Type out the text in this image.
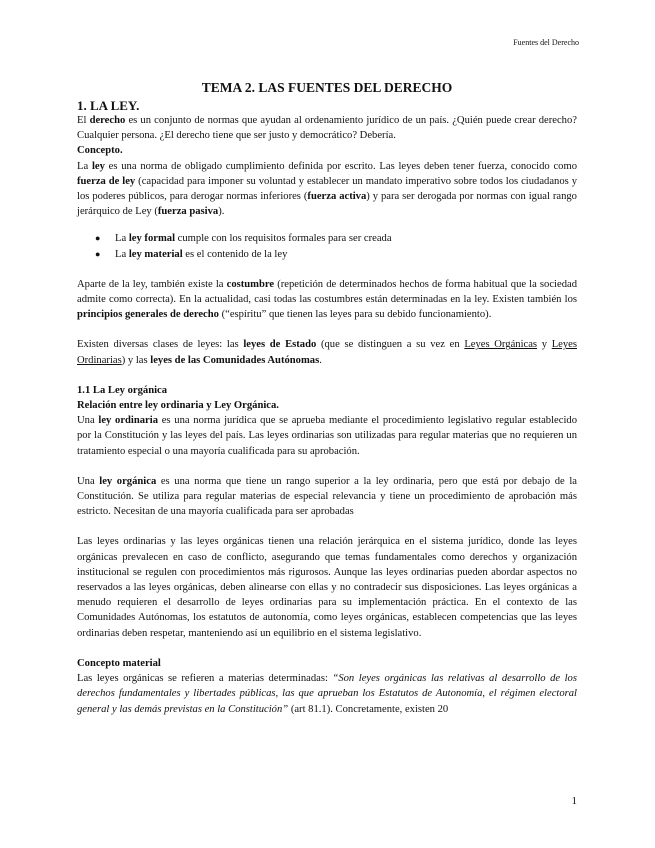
Fuentes del Derecho
TEMA 2. LAS FUENTES DEL DERECHO
1. LA LEY.

El derecho es un conjunto de normas que ayudan al ordenamiento jurídico de un país. ¿Quién puede crear derecho? Cualquier persona. ¿El derecho tiene que ser justo y democrático? Debería.

Concepto.

La ley es una norma de obligado cumplimiento definida por escrito. Las leyes deben tener fuerza, conocido como fuerza de ley (capacidad para imponer su voluntad y establecer un mandato imperativo sobre todos los ciudadanos y los poderes públicos, para derogar normas inferiores (fuerza activa) y para ser derogada por normas con igual rango jerárquico de Ley (fuerza pasiva).

● La ley formal cumple con los requisitos formales para ser creada
● La ley material es el contenido de la ley

Aparte de la ley, también existe la costumbre (repetición de determinados hechos de forma habitual que la sociedad admite como correcta). En la actualidad, casi todas las costumbres están determinadas en la ley. Existen también los principios generales de derecho (“espíritu” que tienen las leyes para su debido funcionamiento).

Existen diversas clases de leyes: las leyes de Estado (que se distinguen a su vez en Leyes Orgánicas y Leyes Ordinarias) y las leyes de las Comunidades Autónomas.

1.1 La Ley orgánica
Relación entre ley ordinaria y Ley Orgánica.

Una ley ordinaria es una norma jurídica que se aprueba mediante el procedimiento legislativo regular establecido por la Constitución y las leyes del país. Las leyes ordinarias son utilizadas para regular materias que no requieren un tratamiento especial o una mayoría cualificada para su aprobación.

Una ley orgánica es una norma que tiene un rango superior a la ley ordinaria, pero que está por debajo de la Constitución. Se utiliza para regular materias de especial relevancia y tiene un procedimiento de aprobación más estricto. Necesitan de una mayoría cualificada para ser aprobadas

Las leyes ordinarias y las leyes orgánicas tienen una relación jerárquica en el sistema jurídico, donde las leyes orgánicas prevalecen en caso de conflicto, asegurando que temas fundamentales como derechos y organización institucional se regulen con procedimientos más rigurosos. Aunque las leyes ordinarias pueden abordar aspectos no reservados a las leyes orgánicas, deben alinearse con ellas y no contradecir sus disposiciones. Las leyes orgánicas a menudo requieren el desarrollo de leyes ordinarias para su implementación práctica. En el contexto de las Comunidades Autónomas, los estatutos de autonomía, como leyes orgánicas, establecen competencias que las leyes ordinarias deben respetar, manteniendo así un equilibrio en el sistema legislativo.

Concepto material

Las leyes orgánicas se refieren a materias determinadas: “Son leyes orgánicas las relativas al desarrollo de los derechos fundamentales y libertades públicas, las que aprueban los Estatutos de Autonomía, el régimen electoral general y las demás previstas en la Constitución” (art 81.1). Concretamente, existen 20

1
